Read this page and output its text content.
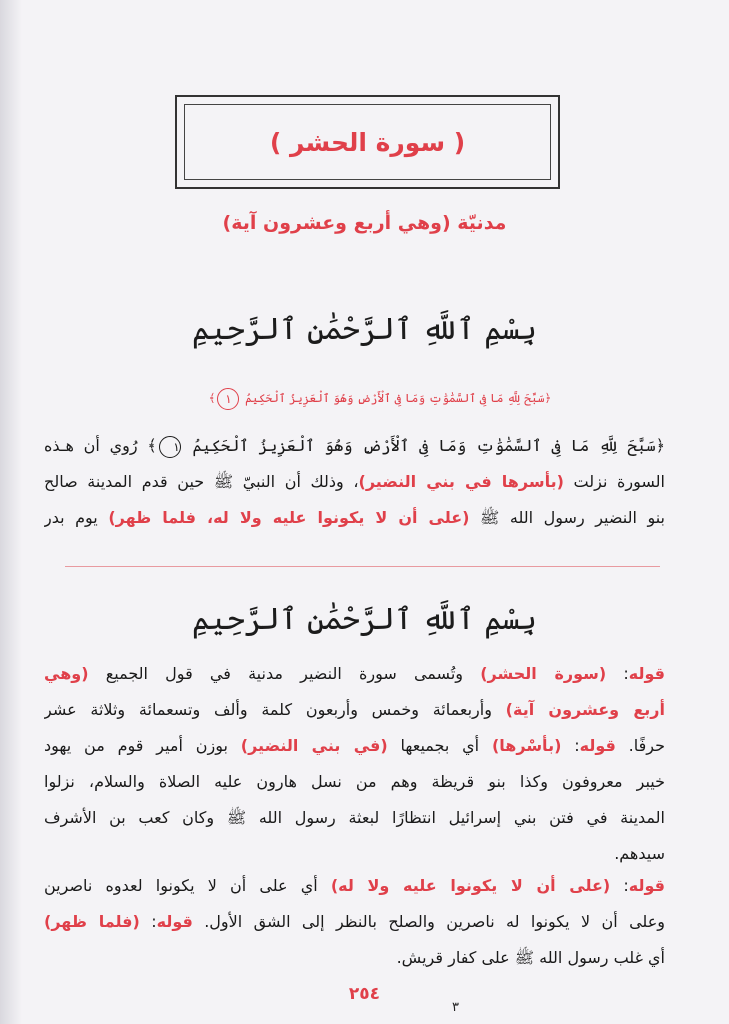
( سورة الحشر )
مدنيّة (وهي أربع وعشرون آية)
بِسْمِ ٱللَّهِ ٱلرَّحْمَٰنِ ٱلرَّحِيمِ
﴿سَبَّحَ لِلَّهِ مَا فِى ٱلسَّمَٰوَٰتِ وَمَا فِى ٱلْأَرْضِ وَهُوَ ٱلْعَزِيزُ ٱلْحَكِيمُ ١﴾
﴿سَبَّحَ لِلَّهِ مَا فِى ٱلسَّمَٰوَٰتِ وَمَا فِى ٱلْأَرْضِ وَهُوَ ٱلْعَزِيزُ ٱلْحَكِيمُ ١﴾ رُوي أن هـذه
السورة نزلت (بأسرها في بني النضير)، وذلك أن النبيّ ﷺ حين قدم المدينة صالح
بنو النضير رسول الله ﷺ (على أن لا يكونوا عليه ولا له، فلما ظهر) يوم بدر
بِسْمِ ٱللَّهِ ٱلرَّحْمَٰنِ ٱلرَّحِيمِ
قوله: (سورة الحشر) وتُسمى سورة النضير مدنية في قول الجميع (وهي
أربع وعشرون آية) وأربعمائة وخمس وأربعون كلمة وألف وتسعمائة وثلاثة عشر
حرفًا. قوله: (بأسْرها) أي بجميعها (في بني النضير) بوزن أمير قوم من يهود
خيبر معروفون وكذا بنو قريظة وهم من نسل هارون عليه الصلاة والسلام، نزلوا
المدينة في فتن بني إسرائيل انتظارًا لبعثة رسول الله ﷺ وكان كعب بن الأشرف
سيدهم.
قوله: (على أن لا يكونوا عليه ولا له) أي على أن لا يكونوا لعدوه ناصرين
وعلى أن لا يكونوا له ناصرين والصلح بالنظر إلى الشق الأول. قوله: (فلما ظهر)
أي غلب رسول الله ﷺ على كفار قريش.
٢٥٤
٣
